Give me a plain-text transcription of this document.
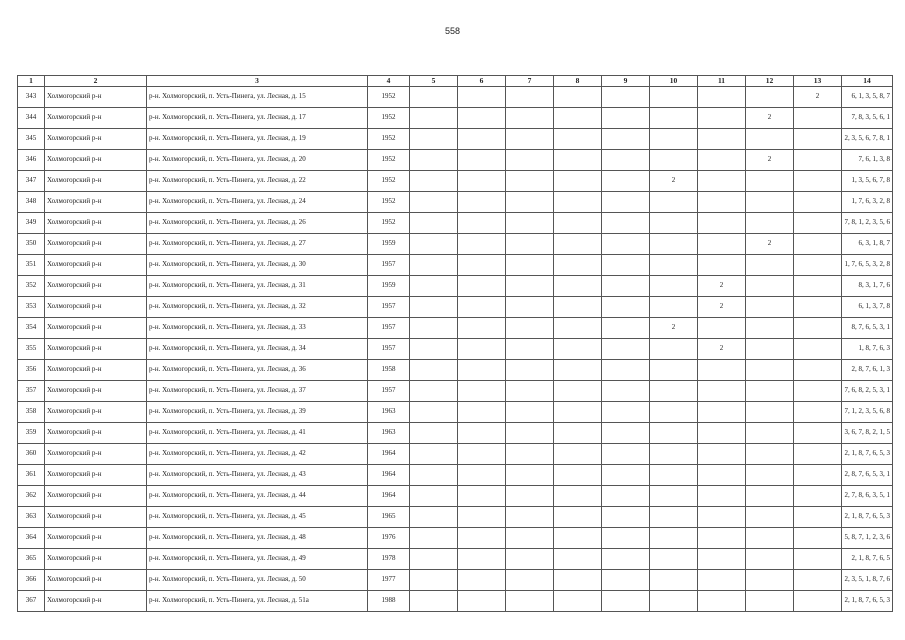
558
1	2	3	4	5	6	7	8	9	10	11	12	13	14
343	Холмогорский р-н	р-н. Холмогорский, п. Усть-Пинега, ул. Лесная, д. 15	1952									2	6, 1, 3, 5, 8, 7
344	Холмогорский р-н	р-н. Холмогорский, п. Усть-Пинега, ул. Лесная, д. 17	1952								2		7, 8, 3, 5, 6, 1
345	Холмогорский р-н	р-н. Холмогорский, п. Усть-Пинега, ул. Лесная, д. 19	1952										2, 3, 5, 6, 7, 8, 1
346	Холмогорский р-н	р-н. Холмогорский, п. Усть-Пинега, ул. Лесная, д. 20	1952								2		7, 6, 1, 3, 8
347	Холмогорский р-н	р-н. Холмогорский, п. Усть-Пинега, ул. Лесная, д. 22	1952						2				1, 3, 5, 6, 7, 8
348	Холмогорский р-н	р-н. Холмогорский, п. Усть-Пинега, ул. Лесная, д. 24	1952										1, 7, 6, 3, 2, 8
349	Холмогорский р-н	р-н. Холмогорский, п. Усть-Пинега, ул. Лесная, д. 26	1952										7, 8, 1, 2, 3, 5, 6
350	Холмогорский р-н	р-н. Холмогорский, п. Усть-Пинега, ул. Лесная, д. 27	1959								2		6, 3, 1, 8, 7
351	Холмогорский р-н	р-н. Холмогорский, п. Усть-Пинега, ул. Лесная, д. 30	1957										1, 7, 6, 5, 3, 2, 8
352	Холмогорский р-н	р-н. Холмогорский, п. Усть-Пинега, ул. Лесная, д. 31	1959							2			8, 3, 1, 7, 6
353	Холмогорский р-н	р-н. Холмогорский, п. Усть-Пинега, ул. Лесная, д. 32	1957							2			6, 1, 3, 7, 8
354	Холмогорский р-н	р-н. Холмогорский, п. Усть-Пинега, ул. Лесная, д. 33	1957						2				8, 7, 6, 5, 3, 1
355	Холмогорский р-н	р-н. Холмогорский, п. Усть-Пинега, ул. Лесная, д. 34	1957							2			1, 8, 7, 6, 3
356	Холмогорский р-н	р-н. Холмогорский, п. Усть-Пинега, ул. Лесная, д. 36	1958										2, 8, 7, 6, 1, 3
357	Холмогорский р-н	р-н. Холмогорский, п. Усть-Пинега, ул. Лесная, д. 37	1957										7, 6, 8, 2, 5, 3, 1
358	Холмогорский р-н	р-н. Холмогорский, п. Усть-Пинега, ул. Лесная, д. 39	1963										7, 1, 2, 3, 5, 6, 8
359	Холмогорский р-н	р-н. Холмогорский, п. Усть-Пинега, ул. Лесная, д. 41	1963										3, 6, 7, 8, 2, 1, 5
360	Холмогорский р-н	р-н. Холмогорский, п. Усть-Пинега, ул. Лесная, д. 42	1964										2, 1, 8, 7, 6, 5, 3
361	Холмогорский р-н	р-н. Холмогорский, п. Усть-Пинега, ул. Лесная, д. 43	1964										2, 8, 7, 6, 5, 3, 1
362	Холмогорский р-н	р-н. Холмогорский, п. Усть-Пинега, ул. Лесная, д. 44	1964										2, 7, 8, 6, 3, 5, 1
363	Холмогорский р-н	р-н. Холмогорский, п. Усть-Пинега, ул. Лесная, д. 45	1965										2, 1, 8, 7, 6, 5, 3
364	Холмогорский р-н	р-н. Холмогорский, п. Усть-Пинега, ул. Лесная, д. 48	1976										5, 8, 7, 1, 2, 3, 6
365	Холмогорский р-н	р-н. Холмогорский, п. Усть-Пинега, ул. Лесная, д. 49	1978										2, 1, 8, 7, 6, 5
366	Холмогорский р-н	р-н. Холмогорский, п. Усть-Пинега, ул. Лесная, д. 50	1977										2, 3, 5, 1, 8, 7, 6
367	Холмогорский р-н	р-н. Холмогорский, п. Усть-Пинега, ул. Лесная, д. 51а	1988										2, 1, 8, 7, 6, 5, 3
